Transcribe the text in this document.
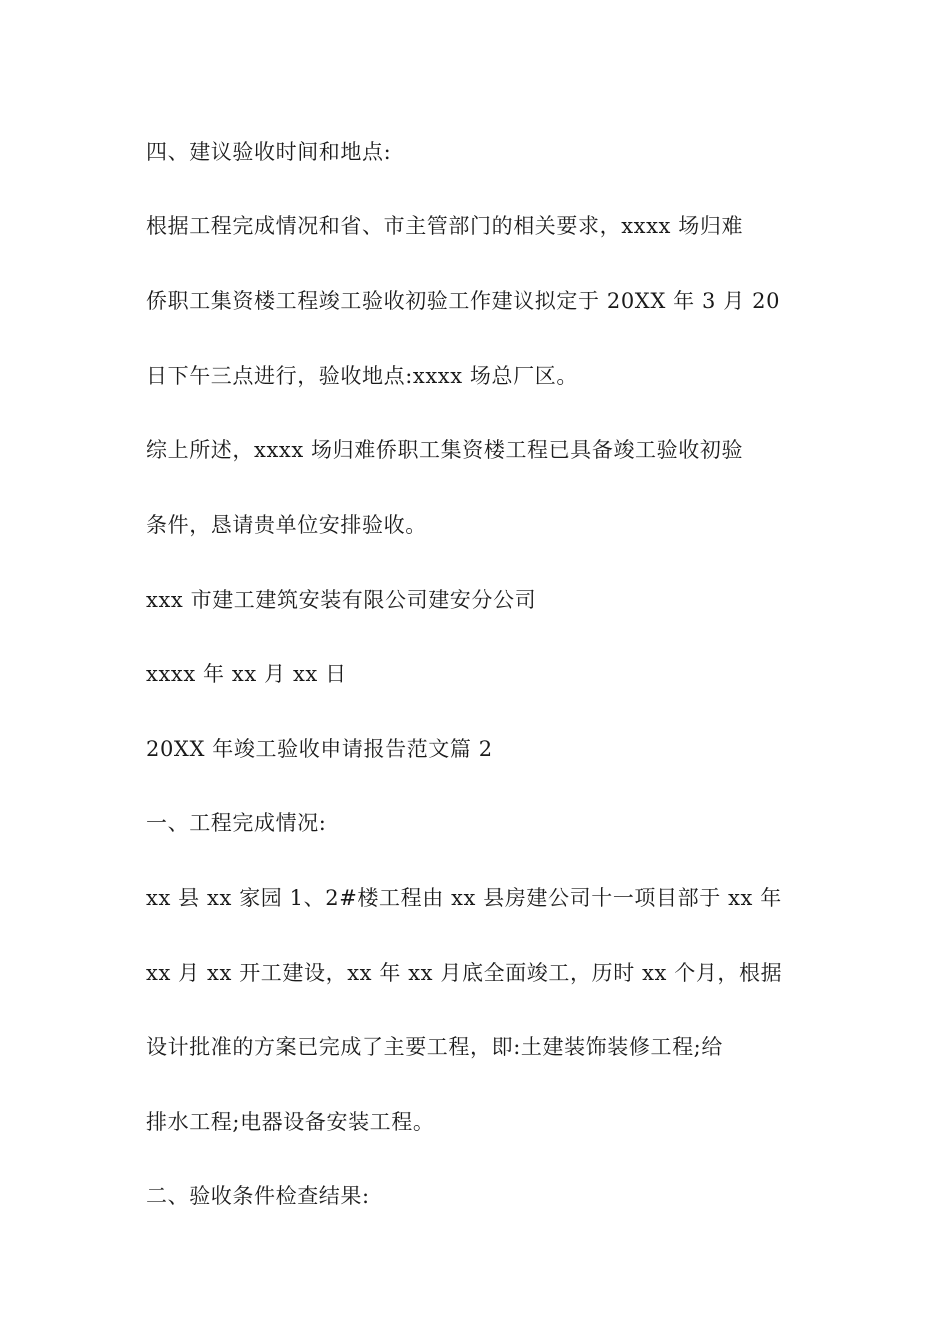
四、建议验收时间和地点:
根据工程完成情况和省、市主管部门的相关要求，xxxx 场归难
侨职工集资楼工程竣工验收初验工作建议拟定于 20XX 年 3 月 20
日下午三点进行，验收地点:xxxx 场总厂区。
综上所述，xxxx 场归难侨职工集资楼工程已具备竣工验收初验
条件，恳请贵单位安排验收。
xxx 市建工建筑安装有限公司建安分公司
xxxx 年 xx 月 xx 日
20XX 年竣工验收申请报告范文篇 2
一、工程完成情况:
xx 县 xx 家园 1、2#楼工程由 xx 县房建公司十一项目部于 xx 年
xx 月 xx 开工建设，xx 年 xx 月底全面竣工，历时 xx 个月，根据
设计批准的方案已完成了主要工程，即:土建装饰装修工程;给
排水工程;电器设备安装工程。
二、验收条件检查结果:
